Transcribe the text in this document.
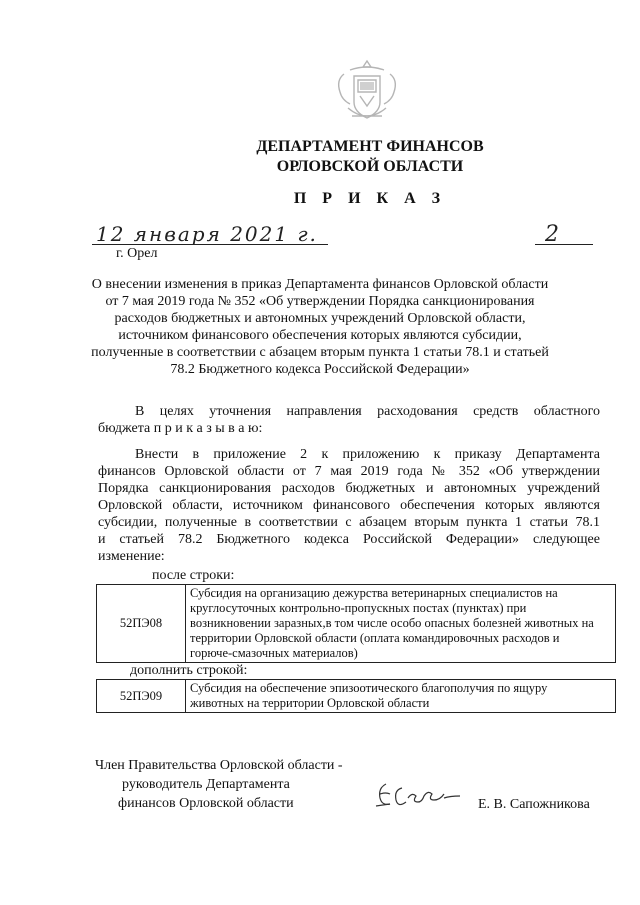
ДЕПАРТАМЕНТ ФИНАНСОВ
ОРЛОВСКОЙ ОБЛАСТИ
П Р И К А З
12 января 2021 г.	2
г. Орел
О внесении изменения в приказ Департамента финансов Орловской области
от 7 мая 2019 года № 352 «Об утверждении Порядка санкционирования
расходов бюджетных и автономных учреждений Орловской области,
источником финансового обеспечения которых являются субсидии,
полученные в соответствии с абзацем вторым пункта 1 статьи 78.1 и статьей
78.2 Бюджетного кодекса Российской Федерации»
В целях уточнения направления расходования средств областного
бюджета п р и к а з ы в а ю:
Внести в приложение 2 к приложению к приказу Департамента
финансов Орловской области от 7 мая 2019 года № 352 «Об утверждении
Порядка санкционирования расходов бюджетных и автономных учреждений
Орловской области, источником финансового обеспечения которых являются
субсидии, полученные в соответствии с абзацем вторым пункта 1 статьи 78.1
и статьей 78.2 Бюджетного кодекса Российской Федерации» следующее
изменение:
после строки:
52ПЭ08	
Субсидия на организацию дежурства ветеринарных специалистов на
круглосуточных контрольно-пропускных постах (пунктах) при
возникновении заразных,в том числе особо опасных болезней животных на
территории Орловской области (оплата командировочных расходов и
горюче-смазочных материалов)
дополнить строкой:
52ПЭ09	
Субсидия на обеспечение эпизоотического благополучия по ящуру
животных на территории Орловской области
Член Правительства Орловской области -
руководитель Департамента
финансов Орловской области	Е. В. Сапожникова
